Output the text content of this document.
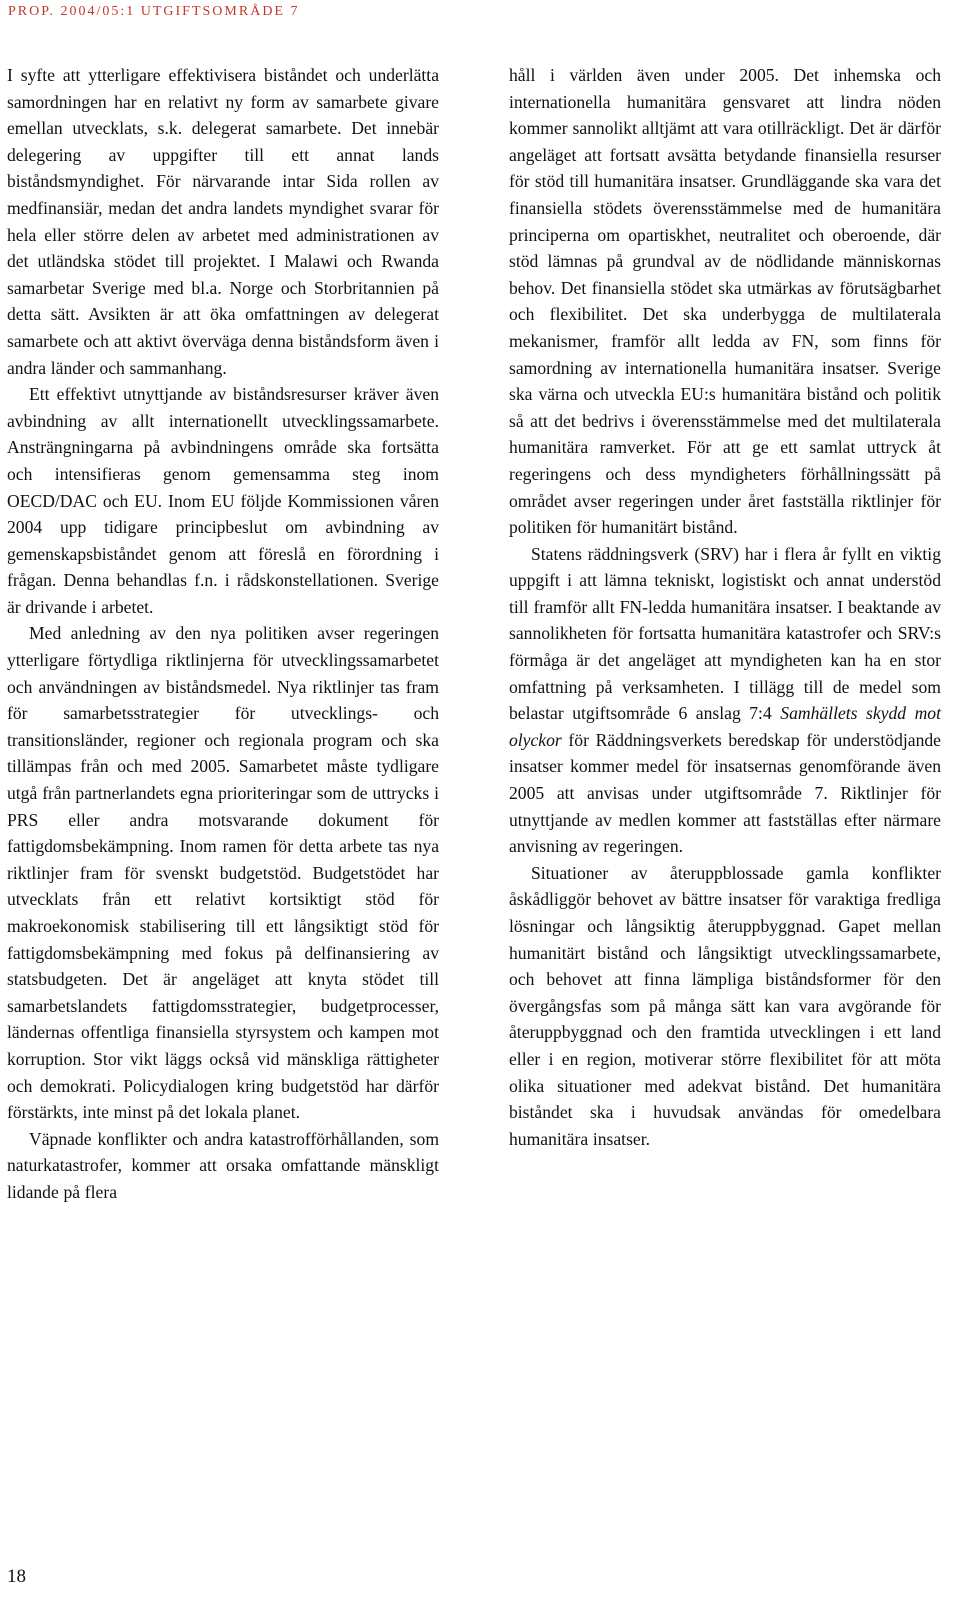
PROP. 2004/05:1 UTGIFTSOMRÅDE 7

I syfte att ytterligare effektivisera biståndet och underlätta samordningen har en relativt ny form av samarbete givare emellan utvecklats, s.k. delegerat samarbete. Det innebär delegering av uppgifter till ett annat lands biståndsmyndighet. För närvarande intar Sida rollen av medfinansiär, medan det andra landets myndighet svarar för hela eller större delen av arbetet med administrationen av det utländska stödet till projektet. I Malawi och Rwanda samarbetar Sverige med bl.a. Norge och Storbritannien på detta sätt. Avsikten är att öka omfattningen av delegerat samarbete och att aktivt överväga denna biståndsform även i andra länder och sammanhang.

Ett effektivt utnyttjande av biståndsresurser kräver även avbindning av allt internationellt utvecklingssamarbete. Ansträngningarna på avbindningens område ska fortsätta och intensifieras genom gemensamma steg inom OECD/DAC och EU. Inom EU följde Kommissionen våren 2004 upp tidigare principbeslut om avbindning av gemenskapsbiståndet genom att föreslå en förordning i frågan. Denna behandlas f.n. i rådskonstellationen. Sverige är drivande i arbetet.

Med anledning av den nya politiken avser regeringen ytterligare förtydliga riktlinjerna för utvecklingssamarbetet och användningen av biståndsmedel. Nya riktlinjer tas fram för samarbetsstrategier för utvecklings- och transitionsländer, regioner och regionala program och ska tillämpas från och med 2005. Samarbetet måste tydligare utgå från partnerlandets egna prioriteringar som de uttrycks i PRS eller andra motsvarande dokument för fattigdomsbekämpning. Inom ramen för detta arbete tas nya riktlinjer fram för svenskt budgetstöd. Budgetstödet har utvecklats från ett relativt kortsiktigt stöd för makroekonomisk stabilisering till ett långsiktigt stöd för fattigdomsbekämpning med fokus på delfinansiering av statsbudgeten. Det är angeläget att knyta stödet till samarbetslandets fattigdomsstrategier, budgetprocesser, ländernas offentliga finansiella styrsystem och kampen mot korruption. Stor vikt läggs också vid mänskliga rättigheter och demokrati. Policydialogen kring budgetstöd har därför förstärkts, inte minst på det lokala planet.

Väpnade konflikter och andra katastrofförhållanden, som naturkatastrofer, kommer att orsaka omfattande mänskligt lidande på flera

håll i världen även under 2005. Det inhemska och internationella humanitära gensvaret att lindra nöden kommer sannolikt alltjämt att vara otillräckligt. Det är därför angeläget att fortsatt avsätta betydande finansiella resurser för stöd till humanitära insatser. Grundläggande ska vara det finansiella stödets överensstämmelse med de humanitära principerna om opartiskhet, neutralitet och oberoende, där stöd lämnas på grundval av de nödlidande människornas behov. Det finansiella stödet ska utmärkas av förutsägbarhet och flexibilitet. Det ska underbygga de multilaterala mekanismer, framför allt ledda av FN, som finns för samordning av internationella humanitära insatser. Sverige ska värna och utveckla EU:s humanitära bistånd och politik så att det bedrivs i överensstämmelse med det multilaterala humanitära ramverket. För att ge ett samlat uttryck åt regeringens och dess myndigheters förhållningssätt på området avser regeringen under året fastställa riktlinjer för politiken för humanitärt bistånd.

Statens räddningsverk (SRV) har i flera år fyllt en viktig uppgift i att lämna tekniskt, logistiskt och annat understöd till framför allt FN-ledda humanitära insatser. I beaktande av sannolikheten för fortsatta humanitära katastrofer och SRV:s förmåga är det angeläget att myndigheten kan ha en stor omfattning på verksamheten. I tillägg till de medel som belastar utgiftsområde 6 anslag 7:4 Samhällets skydd mot olyckor för Räddningsverkets beredskap för understödjande insatser kommer medel för insatsernas genomförande även 2005 att anvisas under utgiftsområde 7. Riktlinjer för utnyttjande av medlen kommer att fastställas efter närmare anvisning av regeringen.

Situationer av återuppblossade gamla konflikter åskådliggör behovet av bättre insatser för varaktiga fredliga lösningar och långsiktig återuppbyggnad. Gapet mellan humanitärt bistånd och långsiktigt utvecklingssamarbete, och behovet att finna lämpliga biståndsformer för den övergångsfas som på många sätt kan vara avgörande för återuppbyggnad och den framtida utvecklingen i ett land eller i en region, motiverar större flexibilitet för att möta olika situationer med adekvat bistånd. Det humanitära biståndet ska i huvudsak användas för omedelbara humanitära insatser.

18
